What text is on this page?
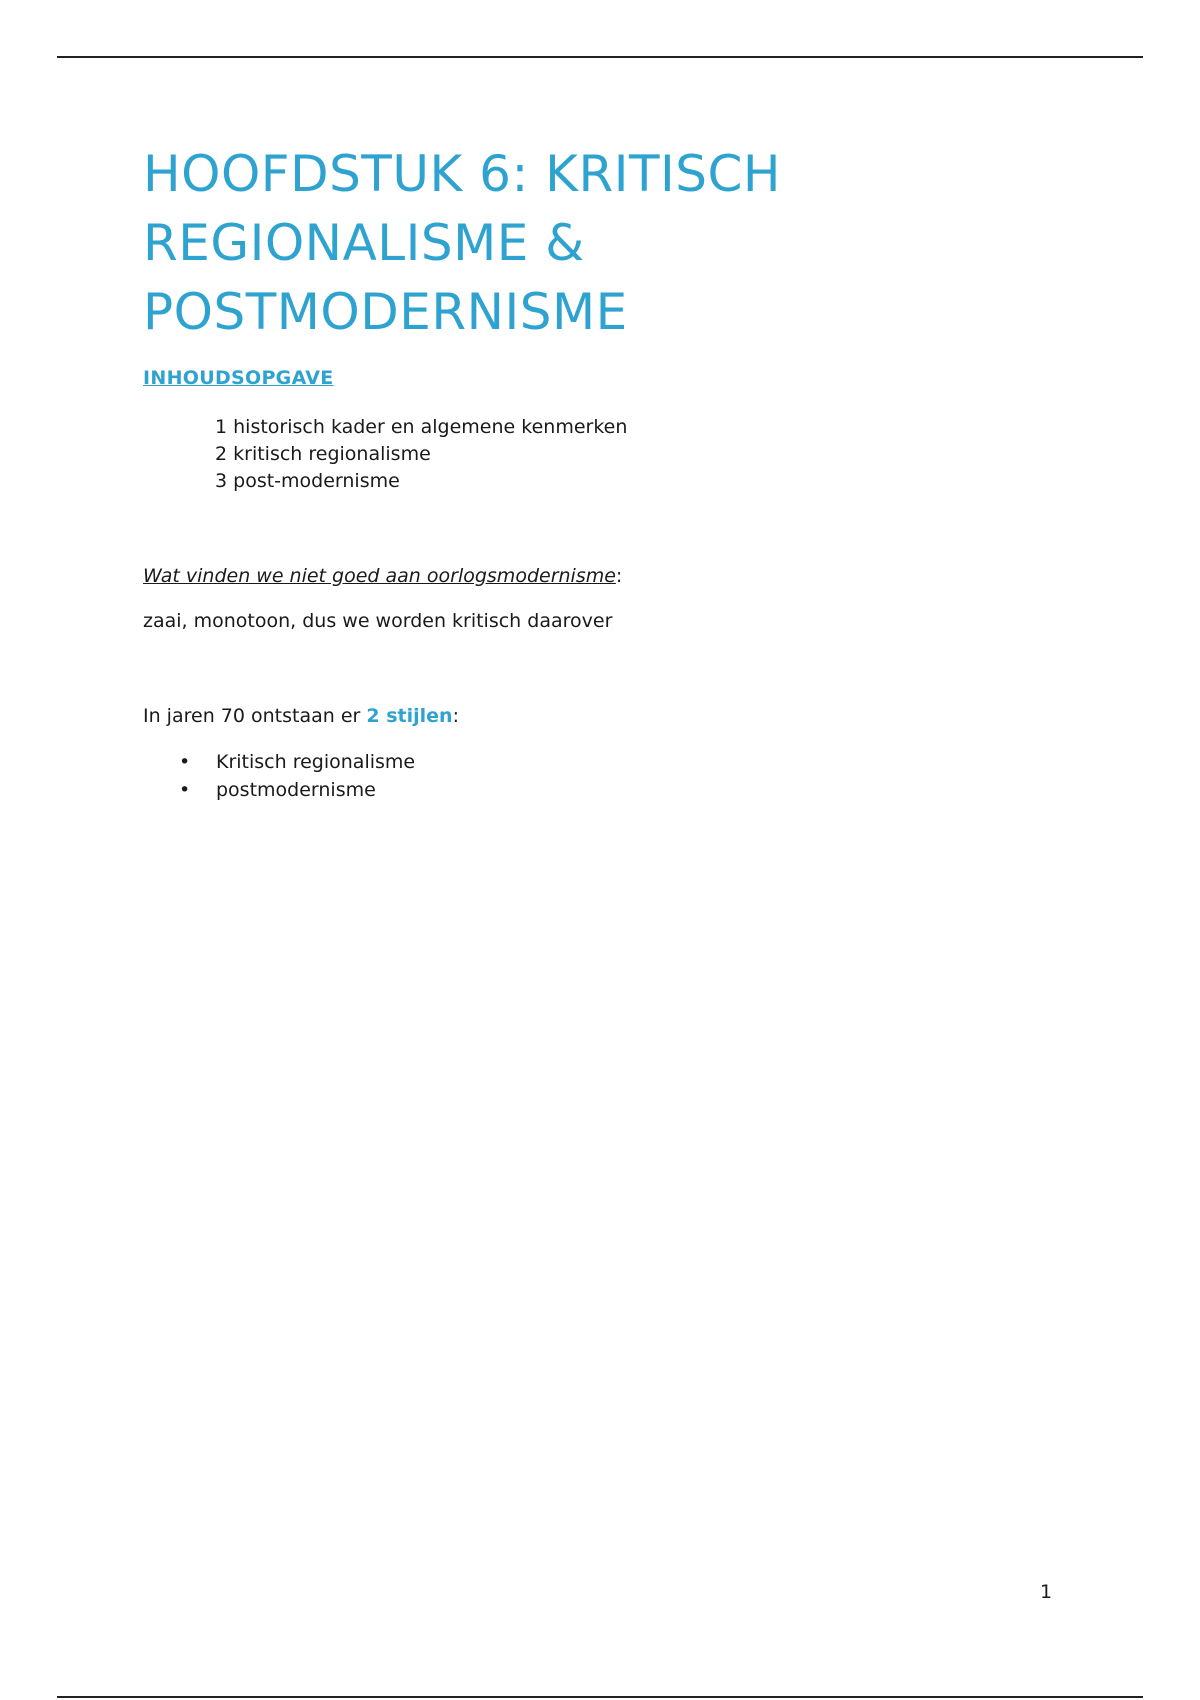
HOOFDSTUK 6: KRITISCH REGIONALISME & POSTMODERNISME
INHOUDSOPGAVE
1 historisch kader en algemene kenmerken
2 kritisch regionalisme
3 post-modernisme

Wat vinden we niet goed aan oorlogsmodernisme:

zaai, monotoon, dus we worden kritisch daarover

In jaren 70 ontstaan er 2 stijlen:

• Kritisch regionalisme
• postmodernisme
1
